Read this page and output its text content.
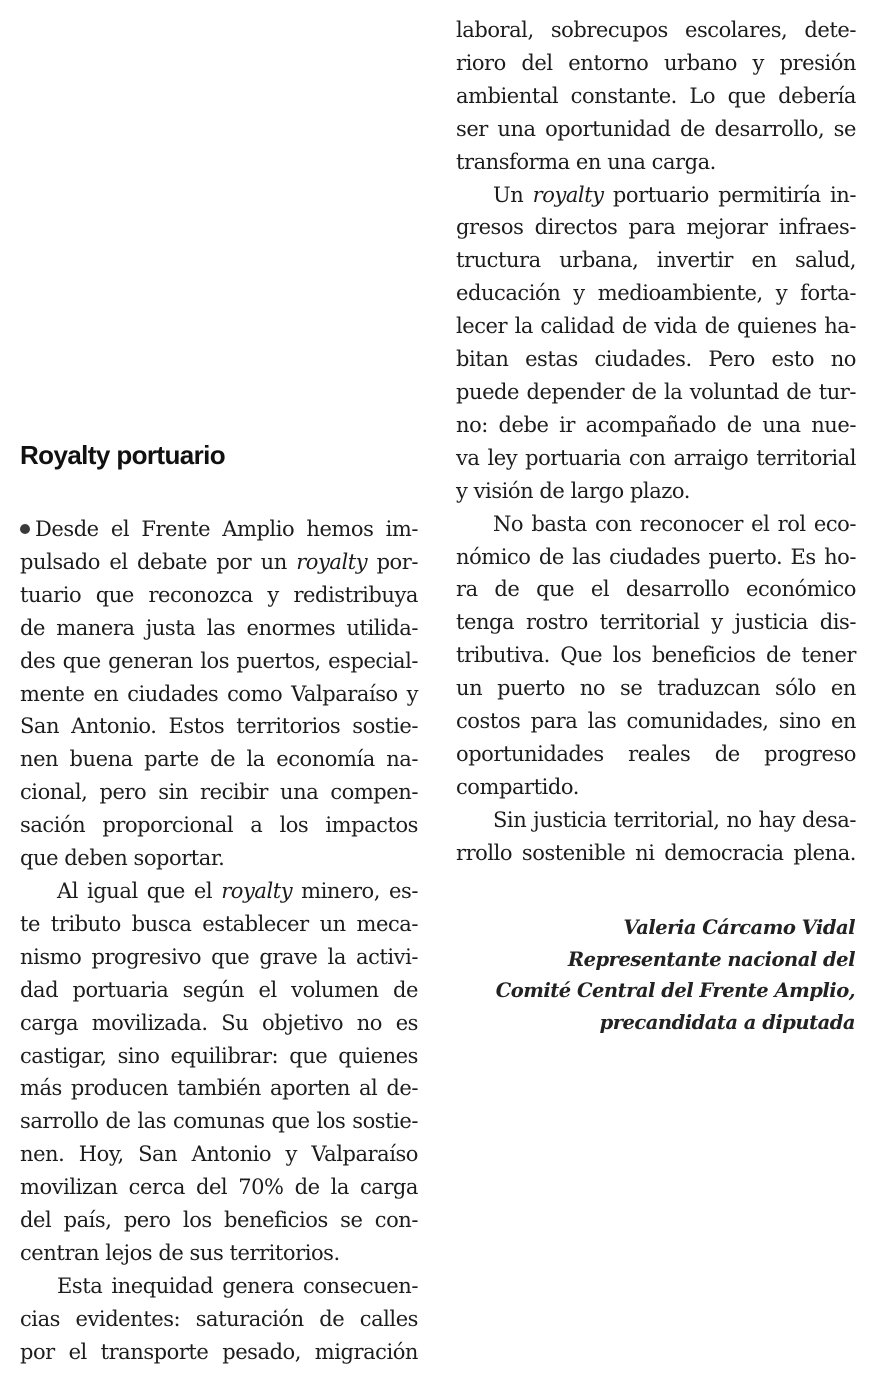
Royalty portuario
Desde el Frente Amplio hemos im-
pulsado el debate por un royalty por-
tuario que reconozca y redistribuya
de manera justa las enormes utilida-
des que generan los puertos, especial-
mente en ciudades como Valparaíso y
San Antonio. Estos territorios sostie-
nen buena parte de la economía na-
cional, pero sin recibir una compen-
sación proporcional a los impactos
que deben soportar.
Al igual que el royalty minero, es-
te tributo busca establecer un meca-
nismo progresivo que grave la activi-
dad portuaria según el volumen de
carga movilizada. Su objetivo no es
castigar, sino equilibrar: que quienes
más producen también aporten al de-
sarrollo de las comunas que los sostie-
nen. Hoy, San Antonio y Valparaíso
movilizan cerca del 70% de la carga
del país, pero los beneficios se con-
centran lejos de sus territorios.
Esta inequidad genera consecuen-
cias evidentes: saturación de calles
por el transporte pesado, migración
laboral, sobrecupos escolares, dete-
rioro del entorno urbano y presión
ambiental constante. Lo que debería
ser una oportunidad de desarrollo, se
transforma en una carga.
Un royalty portuario permitiría in-
gresos directos para mejorar infraes-
tructura urbana, invertir en salud,
educación y medioambiente, y forta-
lecer la calidad de vida de quienes ha-
bitan estas ciudades. Pero esto no
puede depender de la voluntad de tur-
no: debe ir acompañado de una nue-
va ley portuaria con arraigo territorial
y visión de largo plazo.
No basta con reconocer el rol eco-
nómico de las ciudades puerto. Es ho-
ra de que el desarrollo económico
tenga rostro territorial y justicia dis-
tributiva. Que los beneficios de tener
un puerto no se traduzcan sólo en
costos para las comunidades, sino en
oportunidades reales de progreso
compartido.
Sin justicia territorial, no hay desa-
rrollo sostenible ni democracia plena.
Valeria Cárcamo Vidal
Representante nacional del
Comité Central del Frente Amplio,
precandidata a diputada
